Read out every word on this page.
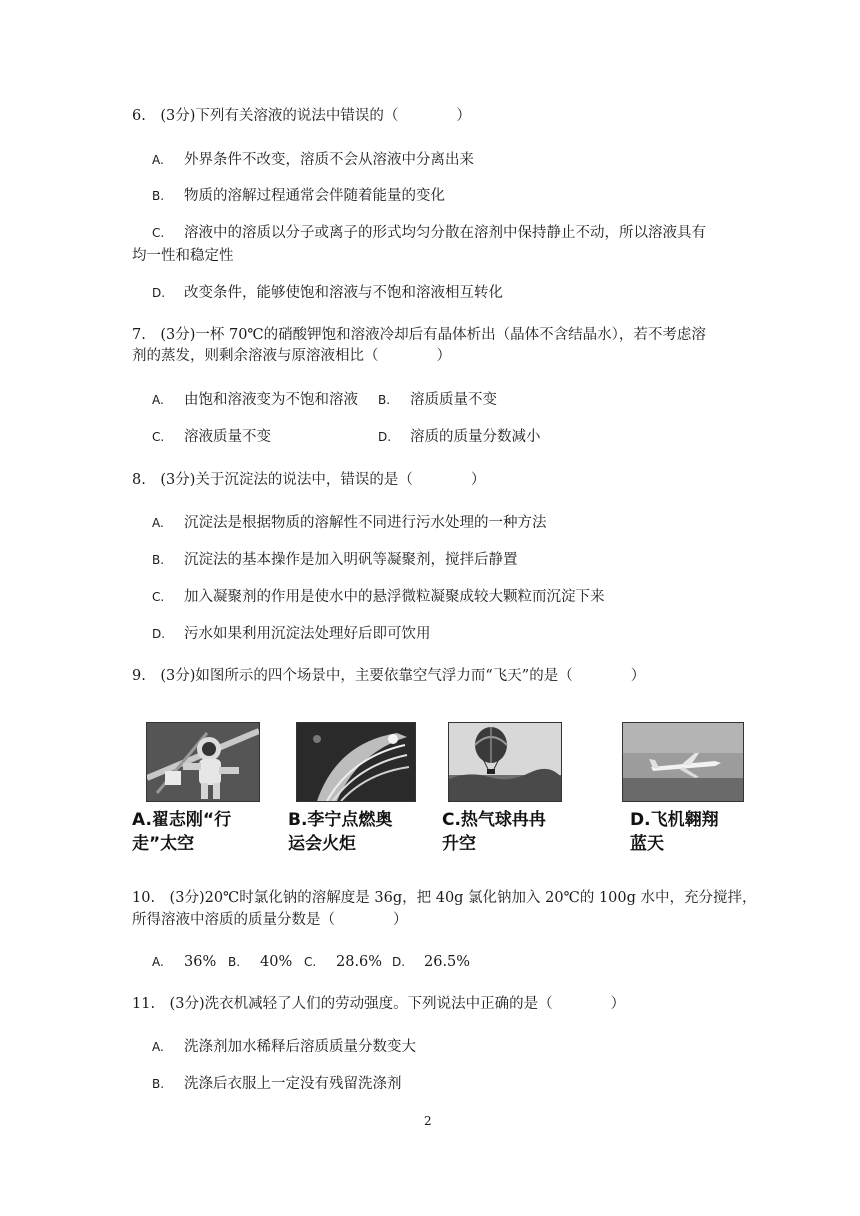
6.　(3分)下列有关溶液的说法中错误的（　　　　）
A. 外界条件不改变，溶质不会从溶液中分离出来
B. 物质的溶解过程通常会伴随着能量的变化
C. 溶液中的溶质以分子或离子的形式均匀分散在溶剂中保持静止不动，所以溶液具有
均一性和稳定性
D. 改变条件，能够使饱和溶液与不饱和溶液相互转化
7.　(3分)一杯 70℃的硝酸钾饱和溶液冷却后有晶体析出（晶体不含结晶水），若不考虑溶
剂的蒸发，则剩余溶液与原溶液相比（　　　　）
A. 由饱和溶液变为不饱和溶液 B. 溶质质量不变
C. 溶液质量不变	D. 溶质的质量分数减小
8.　(3分)关于沉淀法的说法中，错误的是（　　　　）
A. 沉淀法是根据物质的溶解性不同进行污水处理的一种方法
B. 沉淀法的基本操作是加入明矾等凝聚剂，搅拌后静置
C. 加入凝聚剂的作用是使水中的悬浮微粒凝聚成较大颗粒而沉淀下来
D. 污水如果利用沉淀法处理好后即可饮用
9.　(3分)如图所示的四个场景中，主要依靠空气浮力而“飞天”的是（　　　　）
A.翟志刚“行
走”太空
B.李宁点燃奥
运会火炬
C.热气球冉冉
升空
D.飞机翱翔
蓝天
10.　(3分)20℃时氯化钠的溶解度是 36g，把 40g 氯化钠加入 20℃的 100g 水中，充分搅拌，
所得溶液中溶质的质量分数是（　　　　）
A. 36% B. 40% C. 28.6% D. 26.5%
11.　(3分)洗衣机减轻了人们的劳动强度。下列说法中正确的是（　　　　）
A. 洗涤剂加水稀释后溶质质量分数变大
B. 洗涤后衣服上一定没有残留洗涤剂
2
